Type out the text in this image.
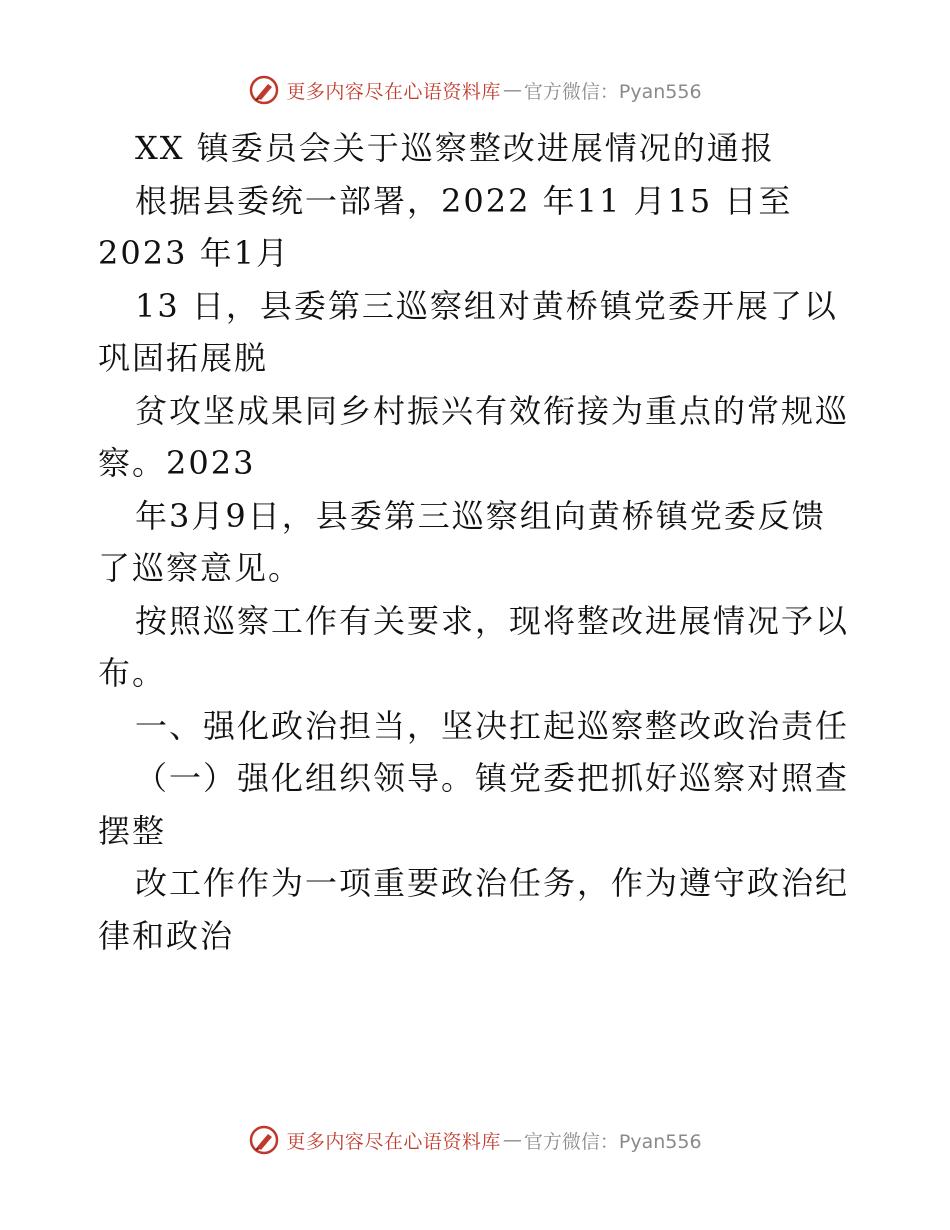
更多内容尽在心语资料库 — 官方微信：Pyan556
XX 镇委员会关于巡察整改进展情况的通报
根据县委统一部署，2022 年11 月15 日至
2023 年1月
13 日，县委第三巡察组对黄桥镇党委开展了以
巩固拓展脱
贫攻坚成果同乡村振兴有效衔接为重点的常规巡
察。2023
年3月9日，县委第三巡察组向黄桥镇党委反馈
了巡察意见。
按照巡察工作有关要求，现将整改进展情况予以
布。
一、强化政治担当，坚决扛起巡察整改政治责任
（一）强化组织领导。镇党委把抓好巡察对照查
摆整
改工作作为一项重要政治任务，作为遵守政治纪
律和政治
更多内容尽在心语资料库 — 官方微信：Pyan556
